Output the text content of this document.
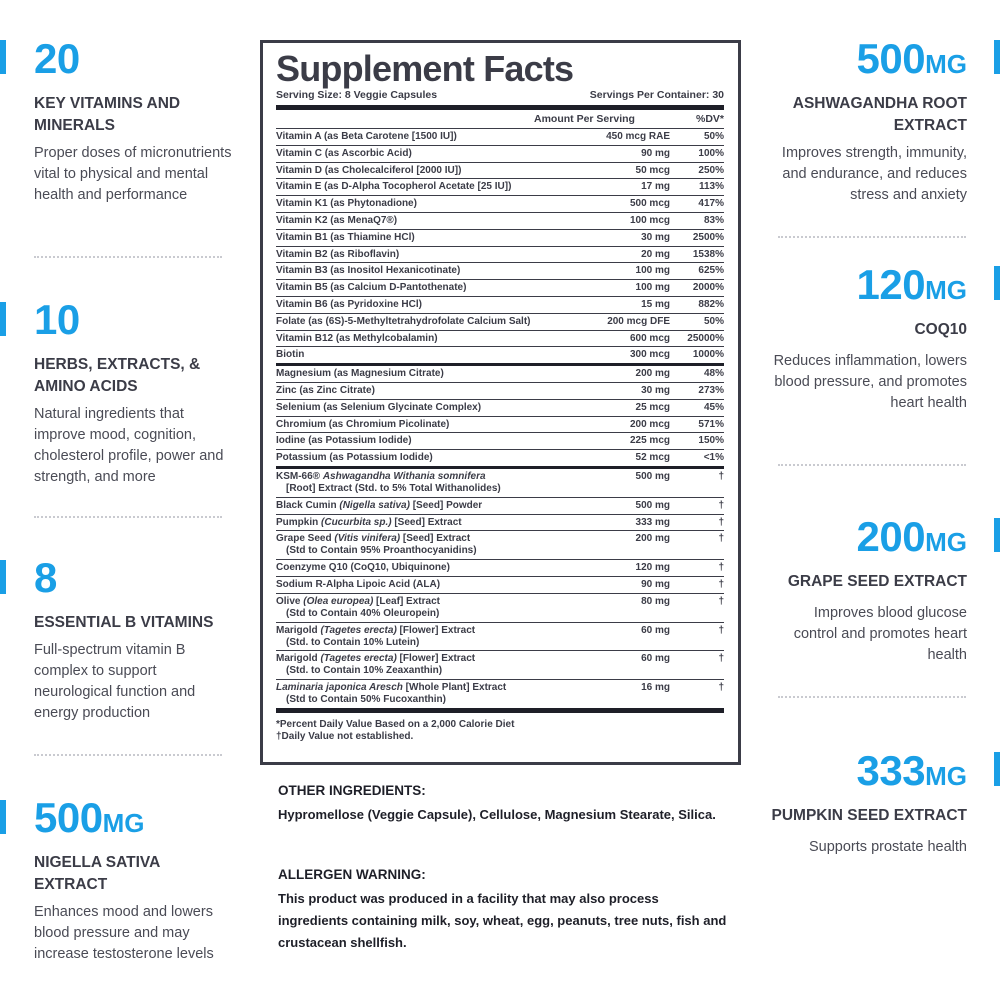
20
KEY VITAMINS AND MINERALS
Proper doses of micronutrients vital to physical and mental health and performance
10
HERBS, EXTRACTS, & AMINO ACIDS
Natural ingredients that improve mood, cognition, cholesterol profile, power and strength, and more
8
ESSENTIAL B VITAMINS
Full-spectrum vitamin B complex to support neurological function and energy production
500MG
NIGELLA SATIVA EXTRACT
Enhances mood and lowers blood pressure and may increase testosterone levels
500MG
ASHWAGANDHA ROOT EXTRACT
Improves strength, immunity, and endurance, and reduces stress and anxiety
120MG
COQ10
Reduces inflammation, lowers blood pressure, and promotes heart health
200MG
GRAPE SEED EXTRACT
Improves blood glucose control and promotes heart health
333MG
PUMPKIN SEED EXTRACT
Supports prostate health
Supplement Facts
Serving Size: 8 Veggie Capsules	Servings Per Container: 30
Amount Per Serving	%DV*
Vitamin A (as Beta Carotene [1500 IU])	450 mcg RAE	50%
Vitamin C (as Ascorbic Acid)	90 mg	100%
Vitamin D (as Cholecalciferol [2000 IU])	50 mcg	250%
Vitamin E (as D-Alpha Tocopherol Acetate [25 IU])	17 mg	113%
Vitamin K1 (as Phytonadione)	500 mcg	417%
Vitamin K2 (as MenaQ7®)	100 mcg	83%
Vitamin B1 (as Thiamine HCl)	30 mg	2500%
Vitamin B2 (as Riboflavin)	20 mg	1538%
Vitamin B3 (as Inositol Hexanicotinate)	100 mg	625%
Vitamin B5 (as Calcium D-Pantothenate)	100 mg	2000%
Vitamin B6 (as Pyridoxine HCl)	15 mg	882%
Folate (as (6S)-5-Methyltetrahydrofolate Calcium Salt)	200 mcg DFE	50%
Vitamin B12 (as Methylcobalamin)	600 mcg	25000%
Biotin	300 mcg	1000%
Magnesium (as Magnesium Citrate)	200 mg	48%
Zinc (as Zinc Citrate)	30 mg	273%
Selenium (as Selenium Glycinate Complex)	25 mcg	45%
Chromium (as Chromium Picolinate)	200 mcg	571%
Iodine (as Potassium Iodide)	225 mcg	150%
Potassium (as Potassium Iodide)	52 mcg	<1%
KSM-66® Ashwagandha Withania somnifera
[Root] Extract (Std. to 5% Total Withanolides)
500 mg	†
Black Cumin (Nigella sativa) [Seed] Powder	500 mg	†
Pumpkin (Cucurbita sp.) [Seed] Extract	333 mg	†
Grape Seed (Vitis vinifera) [Seed] Extract
(Std to Contain 95% Proanthocyanidins)
200 mg	†
Coenzyme Q10 (CoQ10, Ubiquinone)	120 mg	†
Sodium R-Alpha Lipoic Acid (ALA)	90 mg	†
Olive (Olea europea) [Leaf] Extract
(Std to Contain 40% Oleuropein)
80 mg	†
Marigold (Tagetes erecta) [Flower] Extract
(Std. to Contain 10% Lutein)
60 mg	†
Marigold (Tagetes erecta) [Flower] Extract
(Std. to Contain 10% Zeaxanthin)
60 mg	†
Laminaria japonica Aresch [Whole Plant] Extract
(Std to Contain 50% Fucoxanthin)
16 mg	†
*Percent Daily Value Based on a 2,000 Calorie Diet
†Daily Value not established.
OTHER INGREDIENTS:
Hypromellose (Veggie Capsule), Cellulose, Magnesium Stearate, Silica.
ALLERGEN WARNING:
This product was produced in a facility that may also process ingredients containing milk, soy, wheat, egg, peanuts, tree nuts, fish and crustacean shellfish.
